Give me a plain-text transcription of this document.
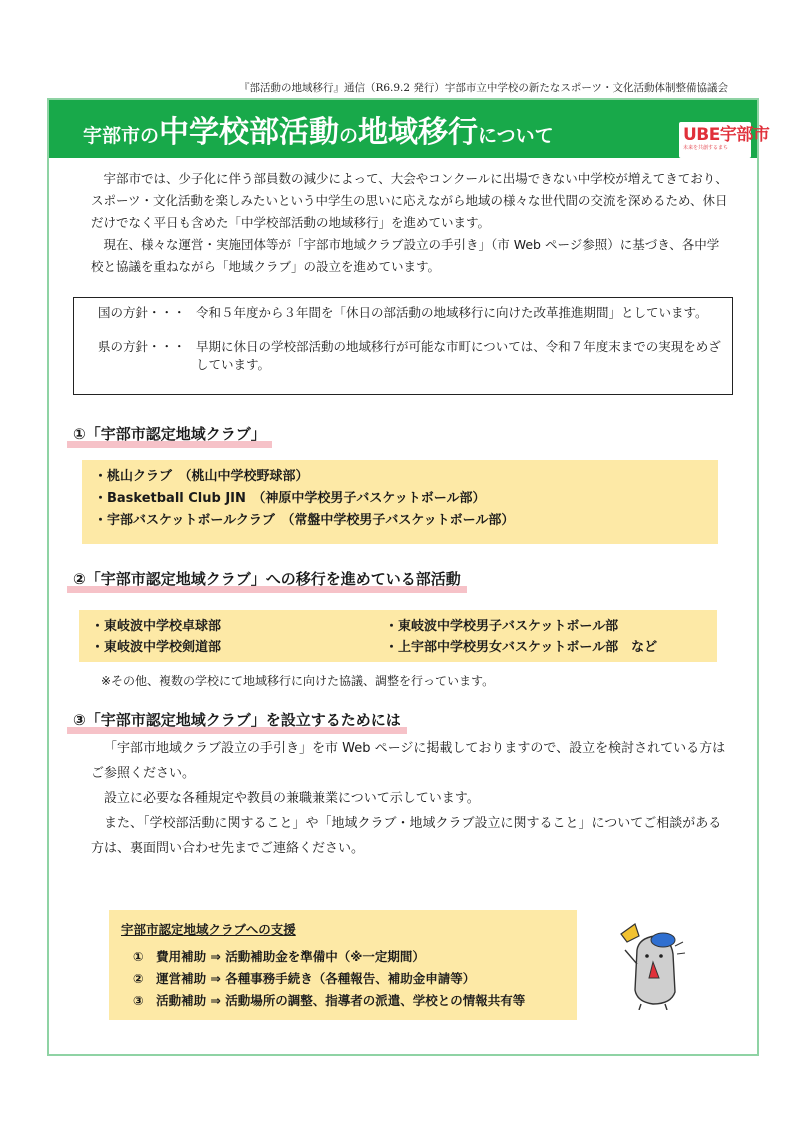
『部活動の地域移行』通信（R6.9.2 発行）宇部市立中学校の新たなスポーツ・文化活動体制整備協議会
宇部市の中学校部活動の地域移行について	UBE宇部市
未来を共創するまち

宇部市では、少子化に伴う部員数の減少によって、大会やコンクールに出場できない中学校が増えてきており、スポーツ・文化活動を楽しみたいという中学生の思いに応えながら地域の様々な世代間の交流を深めるため、休日だけでなく平日も含めた「中学校部活動の地域移行」を進めています。

現在、様々な運営・実施団体等が「宇部市地域クラブ設立の手引き」（市 Web ページ参照）に基づき、各中学校と協議を重ねながら「地域クラブ」の設立を進めています。

国の方針・・・ 令和５年度から３年間を「休日の部活動の地域移行に向けた改革推進期間」としています。
県の方針・・・ 早期に休日の学校部活動の地域移行が可能な市町については、令和７年度末までの実現をめざしています。
①「宇部市認定地域クラブ」
・桃山クラブ　（桃山中学校野球部）
・Basketball Club JIN　（神原中学校男子バスケットボール部）
・宇部バスケットボールクラブ　（常盤中学校男子バスケットボール部）
②「宇部市認定地域クラブ」への移行を進めている部活動
・東岐波中学校卓球部
・東岐波中学校剣道部
・東岐波中学校男子バスケットボール部
・上宇部中学校男女バスケットボール部　など
※その他、複数の学校にて地域移行に向けた協議、調整を行っています。
③「宇部市認定地域クラブ」を設立するためには

「宇部市地域クラブ設立の手引き」を市 Web ページに掲載しておりますので、設立を検討されている方はご参照ください。

設立に必要な各種規定や教員の兼職兼業について示しています。

また、「学校部活動に関すること」や「地域クラブ・地域クラブ設立に関すること」についてご相談がある方は、裏面問い合わせ先までご連絡ください。

宇部市認定地域クラブへの支援
①　費用補助 ⇒ 活動補助金を準備中（※一定期間）
②　運営補助 ⇒ 各種事務手続き（各種報告、補助金申請等）
③　活動補助 ⇒ 活動場所の調整、指導者の派遣、学校との情報共有等
